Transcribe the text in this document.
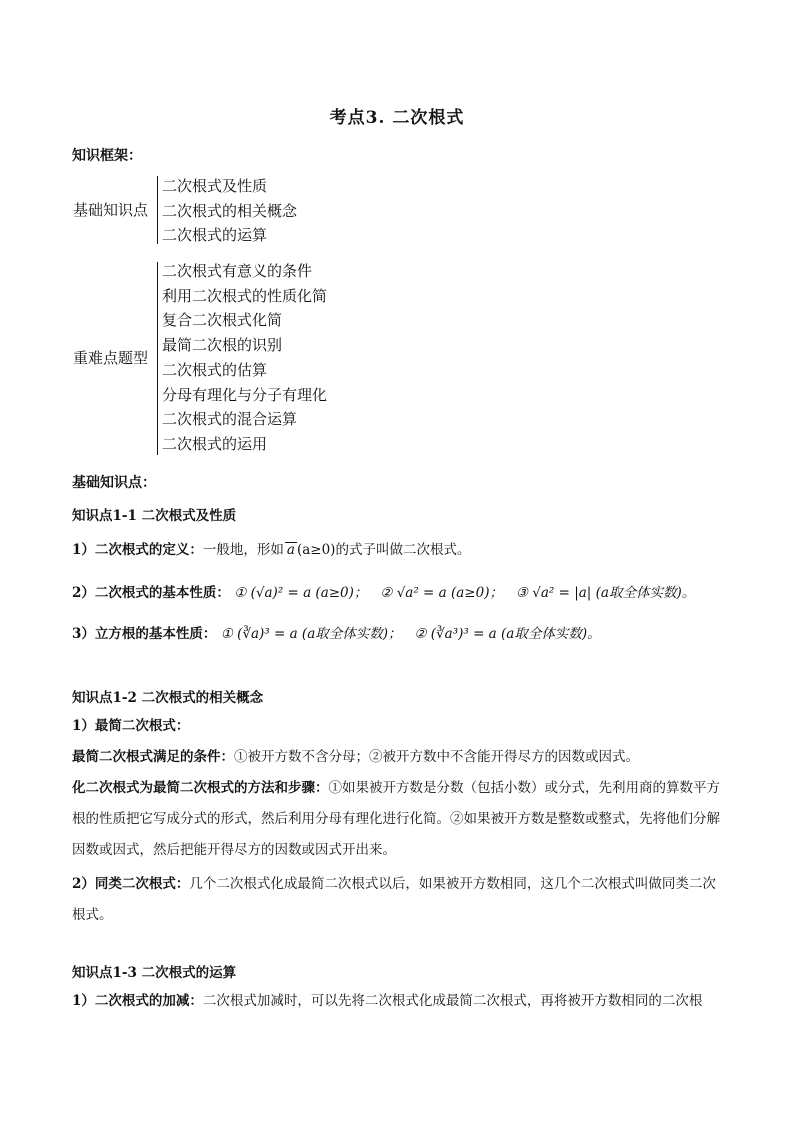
考点3. 二次根式
知识框架：
基础知识点
二次根式及性质
二次根式的相关概念
二次根式的运算
重难点题型
二次根式有意义的条件
利用二次根式的性质化简
复合二次根式化简
最简二次根的识别
二次根式的估算
分母有理化与分子有理化
二次根式的混合运算
二次根式的运用
基础知识点：
知识点1-1 二次根式及性质
1）二次根式的定义：一般地，形如 a (a≥0)的式子叫做二次根式。
2）二次根式的基本性质： ① (√a)² = a (a≥0)； ② √a² = a (a≥0)； ③ √a² = |a| (a取全体实数)。
3）立方根的基本性质： ① (∛a)³ = a (a取全体实数)； ② (∛a³)³ = a (a取全体实数)。
知识点1-2 二次根式的相关概念
1）最简二次根式：
最简二次根式满足的条件：①被开方数不含分母；②被开方数中不含能开得尽方的因数或因式。
化二次根式为最简二次根式的方法和步骤：①如果被开方数是分数（包括小数）或分式，先利用商的算数平方根的性质把它写成分式的形式，然后利用分母有理化进行化简。②如果被开方数是整数或整式，先将他们分解因数或因式，然后把能开得尽方的因数或因式开出来。
2）同类二次根式：几个二次根式化成最简二次根式以后，如果被开方数相同，这几个二次根式叫做同类二次根式。
知识点1-3 二次根式的运算
1）二次根式的加减：二次根式加减时，可以先将二次根式化成最简二次根式，再将被开方数相同的二次根
